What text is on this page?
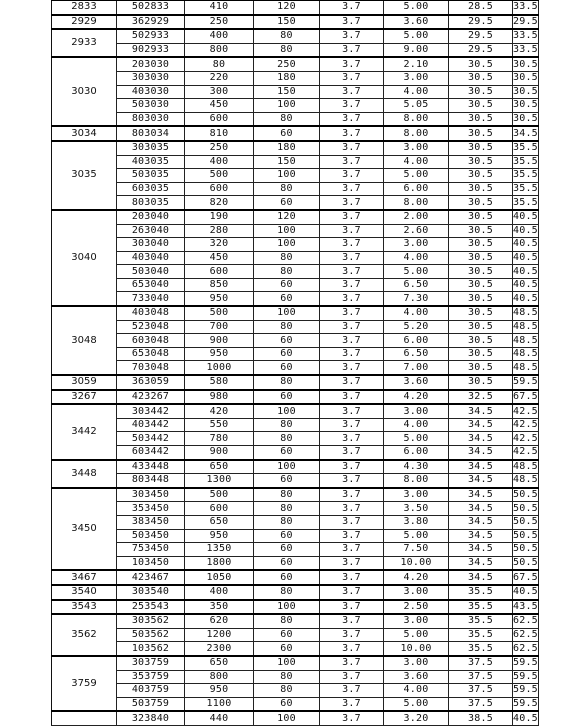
2833	502833	410	120	3.7	5.00	28.5	33.5
2929	362929	250	150	3.7	3.60	29.5	29.5
2933	502933	400	80	3.7	5.00	29.5	33.5
	902933	800	80	3.7	9.00	29.5	33.5
3030	203030	80	250	3.7	2.10	30.5	30.5
	303030	220	180	3.7	3.00	30.5	30.5
	403030	300	150	3.7	4.00	30.5	30.5
	503030	450	100	3.7	5.05	30.5	30.5
	803030	600	80	3.7	8.00	30.5	30.5
3034	803034	810	60	3.7	8.00	30.5	34.5
3035	303035	250	180	3.7	3.00	30.5	35.5
	403035	400	150	3.7	4.00	30.5	35.5
	503035	500	100	3.7	5.00	30.5	35.5
	603035	600	80	3.7	6.00	30.5	35.5
	803035	820	60	3.7	8.00	30.5	35.5
3040	203040	190	120	3.7	2.00	30.5	40.5
	263040	280	100	3.7	2.60	30.5	40.5
	303040	320	100	3.7	3.00	30.5	40.5
	403040	450	80	3.7	4.00	30.5	40.5
	503040	600	80	3.7	5.00	30.5	40.5
	653040	850	60	3.7	6.50	30.5	40.5
	733040	950	60	3.7	7.30	30.5	40.5
3048	403048	500	100	3.7	4.00	30.5	48.5
	523048	700	80	3.7	5.20	30.5	48.5
	603048	900	60	3.7	6.00	30.5	48.5
	653048	950	60	3.7	6.50	30.5	48.5
	703048	1000	60	3.7	7.00	30.5	48.5
3059	363059	580	80	3.7	3.60	30.5	59.5
3267	423267	980	60	3.7	4.20	32.5	67.5
3442	303442	420	100	3.7	3.00	34.5	42.5
	403442	550	80	3.7	4.00	34.5	42.5
	503442	780	80	3.7	5.00	34.5	42.5
	603442	900	60	3.7	6.00	34.5	42.5
3448	433448	650	100	3.7	4.30	34.5	48.5
	803448	1300	60	3.7	8.00	34.5	48.5
3450	303450	500	80	3.7	3.00	34.5	50.5
	353450	600	80	3.7	3.50	34.5	50.5
	383450	650	80	3.7	3.80	34.5	50.5
	503450	950	60	3.7	5.00	34.5	50.5
	753450	1350	60	3.7	7.50	34.5	50.5
	103450	1800	60	3.7	10.00	34.5	50.5
3467	423467	1050	60	3.7	4.20	34.5	67.5
3540	303540	400	80	3.7	3.00	35.5	40.5
3543	253543	350	100	3.7	2.50	35.5	43.5
3562	303562	620	80	3.7	3.00	35.5	62.5
	503562	1200	60	3.7	5.00	35.5	62.5
	103562	2300	60	3.7	10.00	35.5	62.5
3759	303759	650	100	3.7	3.00	37.5	59.5
	353759	800	80	3.7	3.60	37.5	59.5
	403759	950	80	3.7	4.00	37.5	59.5
	503759	1100	60	3.7	5.00	37.5	59.5
	323840	440	100	3.7	3.20	38.5	40.5
